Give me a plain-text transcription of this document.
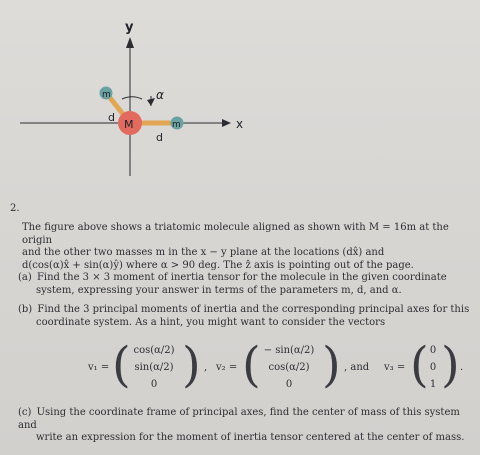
y
x
α
M
m
m
d
d
2.
The figure above shows a triatomic molecule aligned as shown with M = 16m at the origin
and the other two masses m in the x − y plane at the locations (dx̂) and
d(cos(α)x̂ + sin(α)ŷ) where α > 90 deg. The ẑ axis is pointing out of the page.
(a) Find the 3 × 3 moment of inertia tensor for the molecule in the given coordinate
system, expressing your answer in terms of the parameters m, d, and α.
(b) Find the 3 principal moments of inertia and the corresponding principal axes for this
coordinate system. As a hint, you might want to consider the vectors
v₁ = ( cos(α/2)
sin(α/2)
0 ) , v₂ = ( − sin(α/2)
cos(α/2)
0 ) , and v₃ = ( 0
0
1 ) .
(c) Using the coordinate frame of principal axes, find the center of mass of this system and
write an expression for the moment of inertia tensor centered at the center of mass.
